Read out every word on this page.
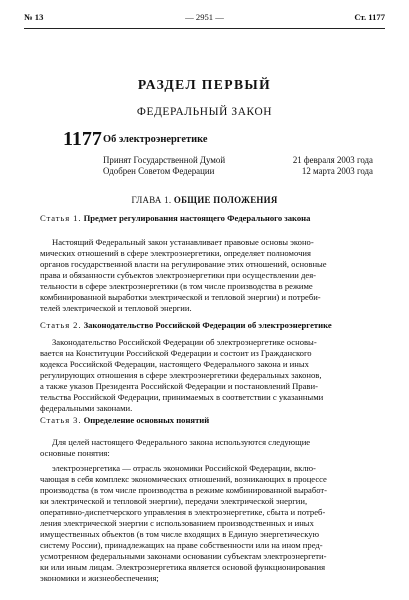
№ 13	— 2951 —	Ст. 1177
РАЗДЕЛ ПЕРВЫЙ
ФЕДЕРАЛЬНЫЙ ЗАКОН
1177 Об электроэнергетике
Принят Государственной Думой	21 февраля 2003 года
Одобрен Советом Федерации	12 марта 2003 года
ГЛАВА 1. ОБЩИЕ ПОЛОЖЕНИЯ
Статья 1. Предмет регулирования настоящего Федерального закона
Настоящий Федеральный закон устанавливает правовые основы эконо-
мических отношений в сфере электроэнергетики, определяет полномочия
органов государственной власти на регулирование этих отношений, основные
права и обязанности субъектов электроэнергетики при осуществлении дея-
тельности в сфере электроэнергетики (в том числе производства в режиме
комбинированной выработки электрической и тепловой энергии) и потреби-
телей электрической и тепловой энергии.
Статья 2. Законодательство Российской Федерации об электроэнергетике
Законодательство Российской Федерации об электроэнергетике основы-
вается на Конституции Российской Федерации и состоит из Гражданского
кодекса Российской Федерации, настоящего Федерального закона и иных
регулирующих отношения в сфере электроэнергетики федеральных законов,
а также указов Президента Российской Федерации и постановлений Прави-
тельства Российской Федерации, принимаемых в соответствии с указанными
федеральными законами.
Статья 3. Определение основных понятий
Для целей настоящего Федерального закона используются следующие
основные понятия:
электроэнергетика — отрасль экономики Российской Федерации, вклю-
чающая в себя комплекс экономических отношений, возникающих в процессе
производства (в том числе производства в режиме комбинированной выработ-
ки электрической и тепловой энергии), передачи электрической энергии,
оперативно-диспетчерского управления в электроэнергетике, сбыта и потреб-
ления электрической энергии с использованием производственных и иных
имущественных объектов (в том числе входящих в Единую энергетическую
систему России), принадлежащих на праве собственности или на ином пред-
усмотренном федеральными законами основании субъектам электроэнергети-
ки или иным лицам. Электроэнергетика является основой функционирования
экономики и жизнеобеспечения;
